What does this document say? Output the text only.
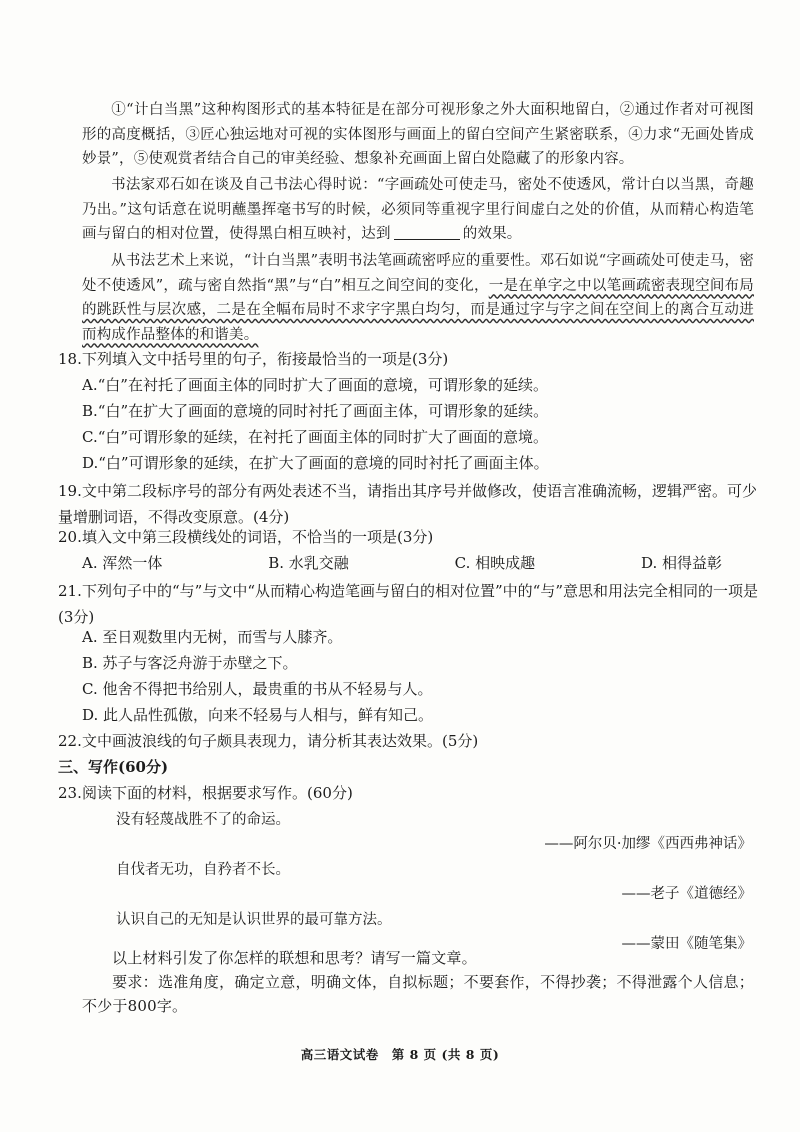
①“计白当黑”这种构图形式的基本特征是在部分可视形象之外大面积地留白，②通过作者对可视图形的高度概括，③匠心独运地对可视的实体图形与画面上的留白空间产生紧密联系，④力求“无画处皆成妙景”，⑤使观赏者结合自己的审美经验、想象补充画面上留白处隐藏了的形象内容。
书法家邓石如在谈及自己书法心得时说：“字画疏处可使走马，密处不使透风，常计白以当黑，奇趣乃出。”这句话意在说明蘸墨挥毫书写的时候，必须同等重视字里行间虚白之处的价值，从而精心构造笔画与留白的相对位置，使得黑白相互映衬，达到	的效果。
从书法艺术上来说，“计白当黑”表明书法笔画疏密呼应的重要性。邓石如说“字画疏处可使走马，密处不使透风”，疏与密自然指“黑”与“白”相互之间空间的变化，一是在单字之中以笔画疏密表现空间布局的跳跃性与层次感，二是在全幅布局时不求字字黑白均匀，而是通过字与字之间在空间上的离合互动进而构成作品整体的和谐美。
18.下列填入文中括号里的句子，衔接最恰当的一项是(3分)
A.“白”在衬托了画面主体的同时扩大了画面的意境，可谓形象的延续。
B.“白”在扩大了画面的意境的同时衬托了画面主体，可谓形象的延续。
C.“白”可谓形象的延续，在衬托了画面主体的同时扩大了画面的意境。
D.“白”可谓形象的延续，在扩大了画面的意境的同时衬托了画面主体。
19.文中第二段标序号的部分有两处表述不当，请指出其序号并做修改，使语言准确流畅，逻辑严密。可少量增删词语，不得改变原意。(4分)
20.填入文中第三段横线处的词语，不恰当的一项是(3分)
A. 浑然一体	B. 水乳交融	C. 相映成趣	D. 相得益彰
21.下列句子中的“与”与文中“从而精心构造笔画与留白的相对位置”中的“与”意思和用法完全相同的一项是(3分)
A. 至日观数里内无树，而雪与人膝齐。
B. 苏子与客泛舟游于赤壁之下。
C. 他舍不得把书给别人，最贵重的书从不轻易与人。
D. 此人品性孤傲，向来不轻易与人相与，鲜有知己。
22.文中画波浪线的句子颇具表现力，请分析其表达效果。(5分)
三、写作(60分)
23.阅读下面的材料，根据要求写作。(60分)
没有轻蔑战胜不了的命运。
——阿尔贝·加缪《西西弗神话》
自伐者无功，自矜者不长。
——老子《道德经》
认识自己的无知是认识世界的最可靠方法。
——蒙田《随笔集》
以上材料引发了你怎样的联想和思考？请写一篇文章。
要求：选准角度，确定立意，明确文体，自拟标题；不要套作，不得抄袭；不得泄露个人信息；不少于800字。
高三语文试卷　第 8 页 (共 8 页)
